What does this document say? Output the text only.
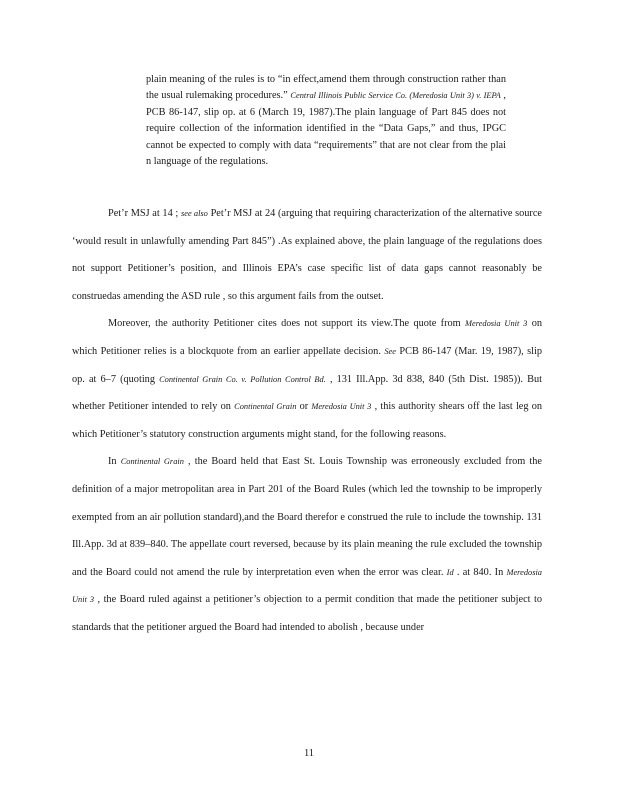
plain meaning of the rules is to “in effect,amend them through construction rather than the usual rulemaking procedures.” Central Illinois Public Service Co. (Meredosia Unit 3) v. IEPA , PCB 86-147, slip op. at 6 (March 19, 1987).The plain language of Part 845 does not require collection of the information identified in the “Data Gaps,” and thus, IPGC cannot be expected to comply with data “requirements” that are not clear from the plai n language of the regulations.

Pet’r MSJ at 14 ; see also Pet’r MSJ at 24 (arguing that requiring characterization of the alternative source ‘would result in unlawfully amending Part 845”) .As explained above, the plain language of the regulations does not support Petitioner’s position, and Illinois EPA’s case specific list of data gaps cannot reasonably be construedas amending the ASD rule , so this argument fails from the outset.

Moreover, the authority Petitioner cites does not support its view.The quote from Meredosia Unit 3 on which Petitioner relies is a blockquote from an earlier appellate decision. See PCB 86-147 (Mar. 19, 1987), slip op. at 6–7 (quoting Continental Grain Co. v. Pollution Control Bd. , 131 Ill.App. 3d 838, 840 (5th Dist. 1985)). But whether Petitioner intended to rely on Continental Grain or Meredosia Unit 3 , this authority shears off the last leg on which Petitioner’s statutory construction arguments might stand, for the following reasons.

In Continental Grain , the Board held that East St. Louis Township was erroneously excluded from the definition of a major metropolitan area in Part 201 of the Board Rules (which led the township to be improperly exempted from an air pollution standard),and the Board therefor e construed the rule to include the township. 131 Ill.App. 3d at 839–840. The appellate court reversed, because by its plain meaning the rule excluded the township and the Board could not amend the rule by interpretation even when the error was clear. Id . at 840. In Meredosia Unit 3 , the Board ruled against a petitioner’s objection to a permit condition that made the petitioner subject to standards that the petitioner argued the Board had intended to abolish , because under

11
